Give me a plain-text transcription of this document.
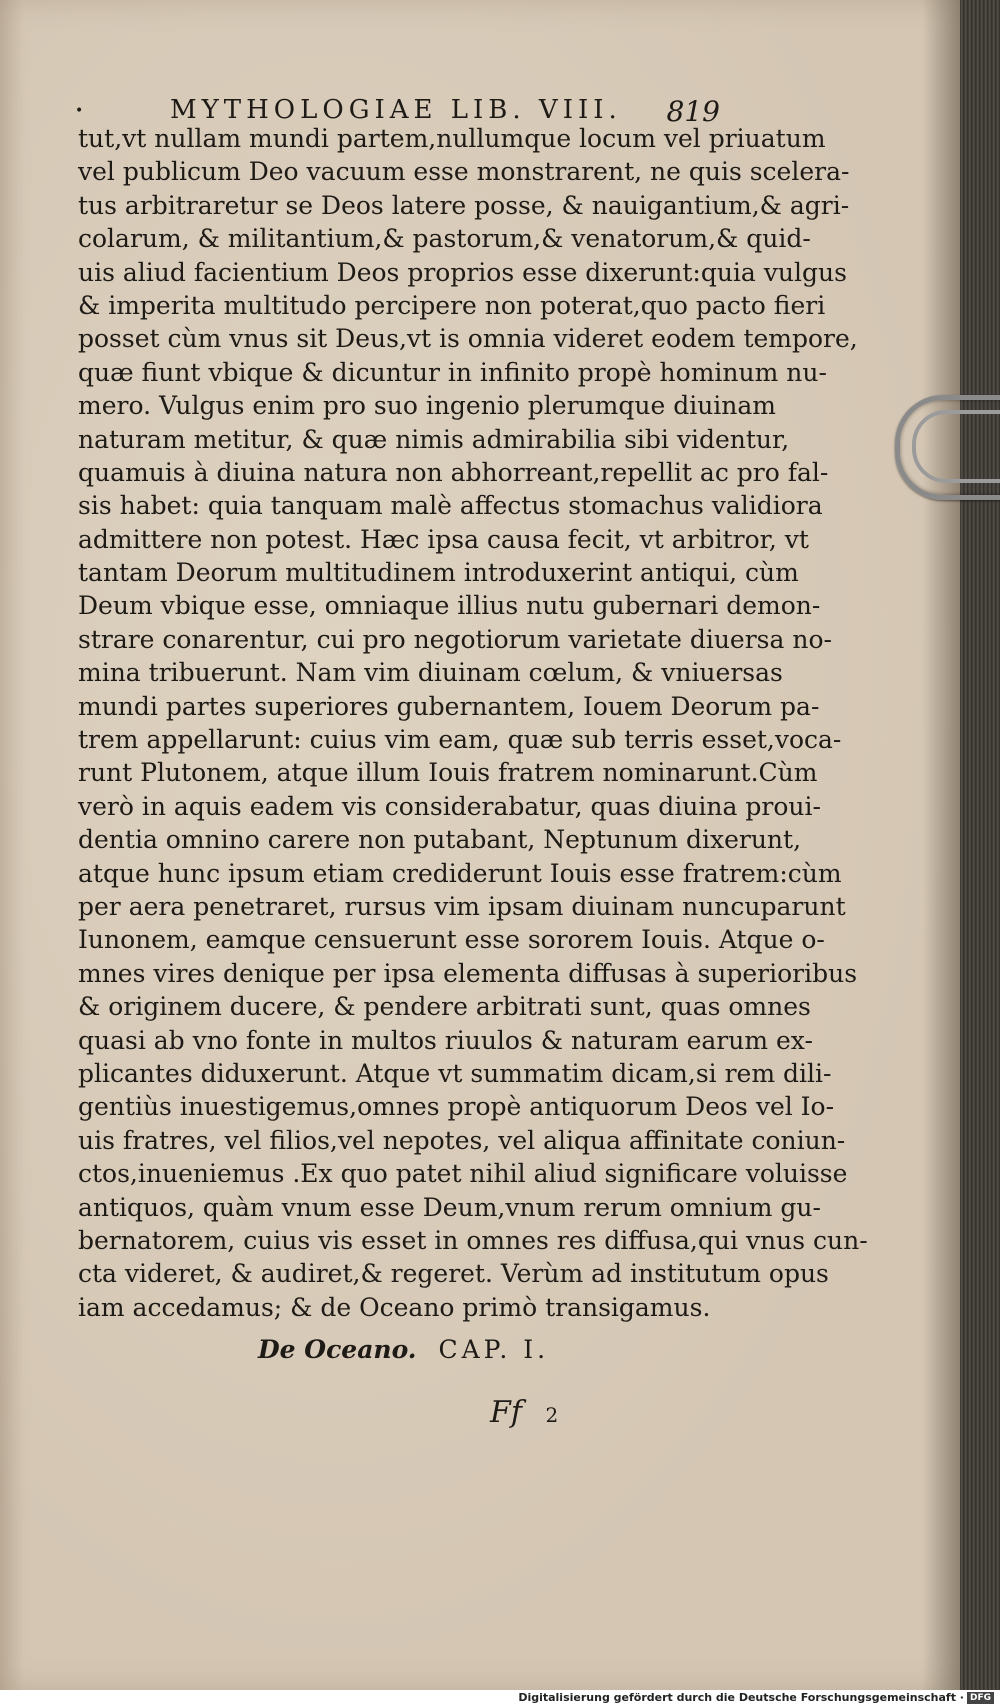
•	MYTHOLOGIAE LIB. VIII. 819
tut,vt nullam mundi partem,nullumque locum vel priuatum
vel publicum Deo vacuum esse monstrarent, ne quis scelera-
tus arbitraretur se Deos latere posse, & nauigantium,& agri-
colarum, & militantium,& pastorum,& venatorum,& quid-
uis aliud facientium Deos proprios esse dixerunt:quia vulgus
& imperita multitudo percipere non poterat,quo pacto fieri
posset cùm vnus sit Deus,vt is omnia videret eodem tempore,
quæ fiunt vbique & dicuntur in infinito propè hominum nu-
mero. Vulgus enim pro suo ingenio plerumque diuinam
naturam metitur, & quæ nimis admirabilia sibi videntur,
quamuis à diuina natura non abhorreant,repellit ac pro fal-
sis habet: quia tanquam malè affectus stomachus validiora
admittere non potest. Hæc ipsa causa fecit, vt arbitror, vt
tantam Deorum multitudinem introduxerint antiqui, cùm
Deum vbique esse, omniaque illius nutu gubernari demon-
strare conarentur, cui pro negotiorum varietate diuersa no-
mina tribuerunt. Nam vim diuinam cœlum, & vniuersas
mundi partes superiores gubernantem, Iouem Deorum pa-
trem appellarunt: cuius vim eam, quæ sub terris esset,voca-
runt Plutonem, atque illum Iouis fratrem nominarunt.Cùm
verò in aquis eadem vis considerabatur, quas diuina proui-
dentia omnino carere non putabant, Neptunum dixerunt,
atque hunc ipsum etiam crediderunt Iouis esse fratrem:cùm
per aera penetraret, rursus vim ipsam diuinam nuncuparunt
Iunonem, eamque censuerunt esse sororem Iouis. Atque o-
mnes vires denique per ipsa elementa diffusas à superioribus
& originem ducere, & pendere arbitrati sunt, quas omnes
quasi ab vno fonte in multos riuulos & naturam earum ex-
plicantes diduxerunt. Atque vt summatim dicam,si rem dili-
gentiùs inuestigemus,omnes propè antiquorum Deos vel Io-
uis fratres, vel filios,vel nepotes, vel aliqua affinitate coniun-
ctos,inueniemus .Ex quo patet nihil aliud significare voluisse
antiquos, quàm vnum esse Deum,vnum rerum omnium gu-
bernatorem, cuius vis esset in omnes res diffusa,qui vnus cun-
cta videret, & audiret,& regeret. Verùm ad institutum opus
iam accedamus; & de Oceano primò transigamus.
De Oceano. CAP. I.
Ff 2
Digitalisierung gefördert durch die Deutsche Forschungsgemeinschaft · DFG
